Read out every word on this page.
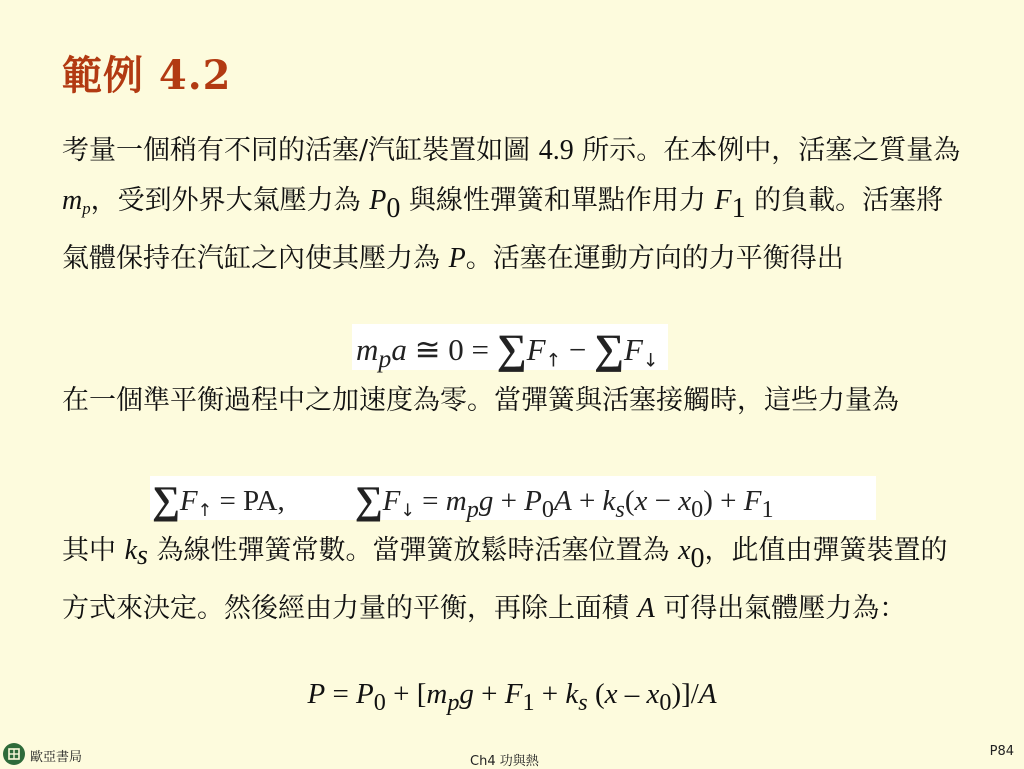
範例 4.2
考量一個稍有不同的活塞/汽缸裝置如圖 4.9 所示。在本例中，活塞之質量為 $m_p$，受到外界大氣壓力為 $P_0$ 與線性彈簧和單點作用力 $F_1$ 的負載。活塞將氣體保持在汽缸之內使其壓力為 P。活塞在運動方向的力平衡得出
$m_pa$ ≅ $0 = \sum F_↑ - \sum F_↓$
在一個準平衡過程中之加速度為零。當彈簧與活塞接觸時，這些力量為
$\sum F_↑$ = PA, $\sum F_↓ = m_pg + P_0A + k_s(x - x_0) + F_1$
其中 $k_s$ 為線性彈簧常數。當彈簧放鬆時活塞位置為 $x_0$，此值由彈簧裝置的方式來決定。然後經由力量的平衡，再除上面積 A 可得出氣體壓力為：
$P = P_0 + [m_pg + F_1 + k_s$ $(x - x_0)]/A$
歐亞書局	Ch4 功與熱
P84
